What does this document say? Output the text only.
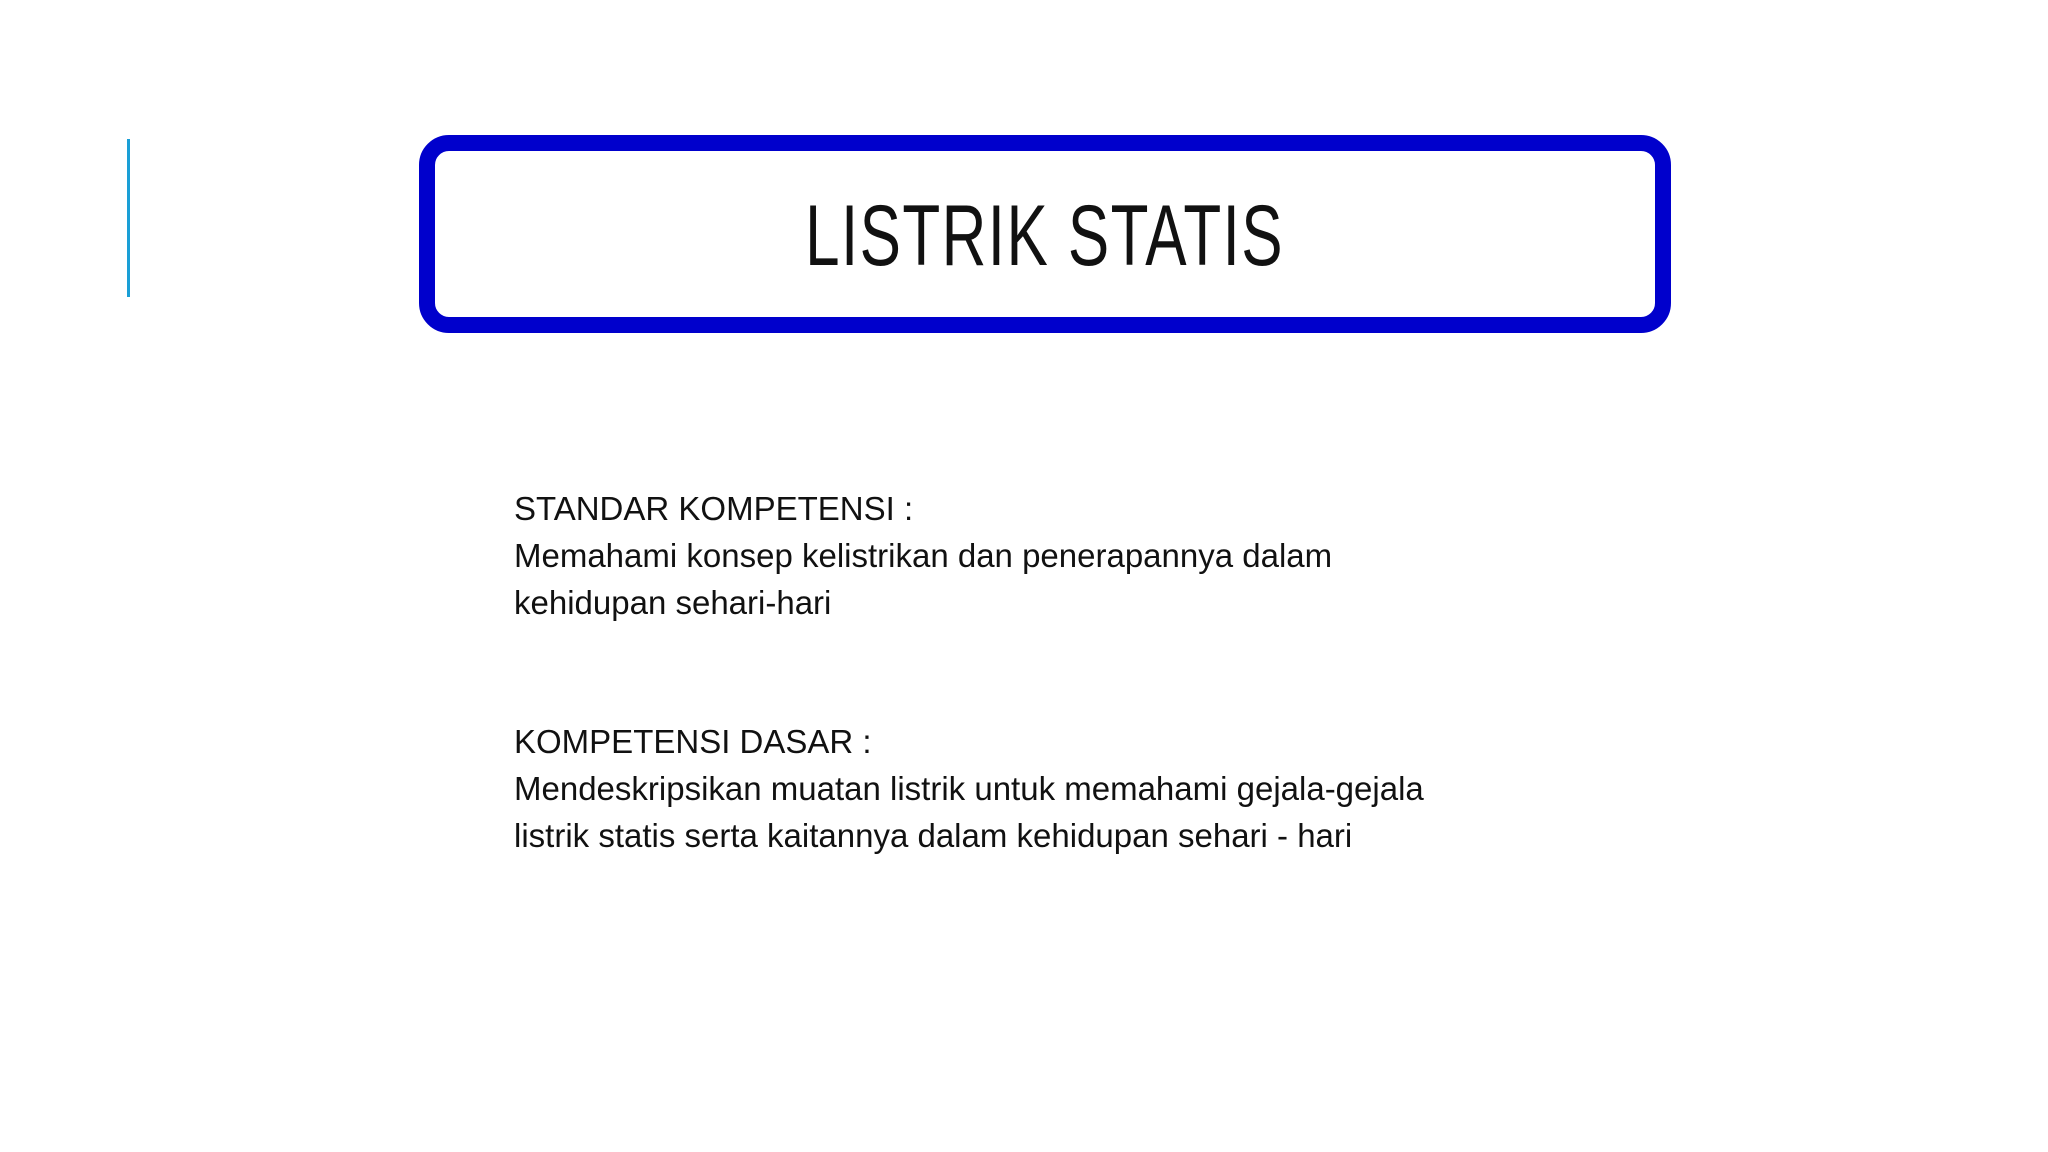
LISTRIK STATIS
STANDAR KOMPETENSI :
Memahami konsep kelistrikan dan penerapannya dalam
kehidupan sehari-hari
KOMPETENSI DASAR :
Mendeskripsikan muatan listrik untuk memahami gejala-gejala
listrik statis serta kaitannya dalam kehidupan sehari - hari
